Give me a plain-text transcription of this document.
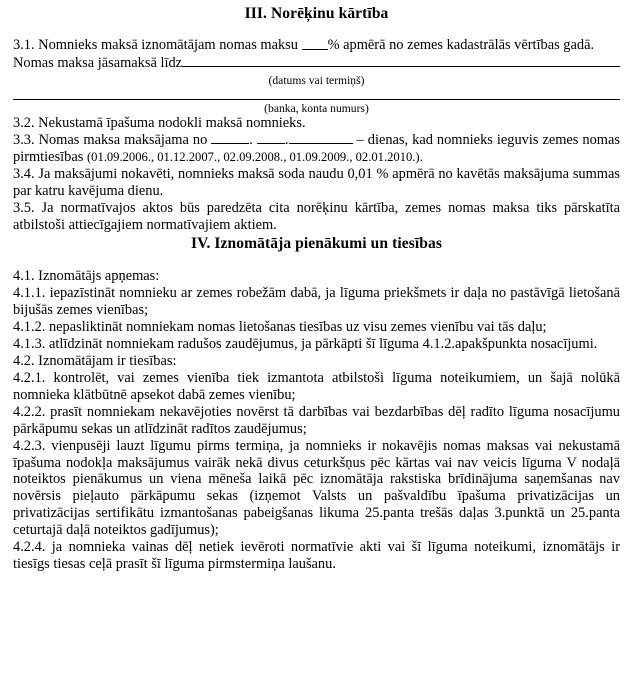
III. Norēķinu kārtība

3.1. Nomnieks maksā iznomātājam nomas maksu % apmērā no zemes kadastrālās vērtības gadā.

Nomas maksa jāsamaksā līdz

(datums vai termiņš)

(banka, konta numurs)

3.2. Nekustamā īpašuma nodokli maksā nomnieks.

3.3. Nomas maksa maksājama no	. .	– dienas, kad nomnieks ieguvis zemes nomas pirmtiesības (01.09.2006., 01.12.2007., 02.09.2008., 01.09.2009., 02.01.2010.).

3.4. Ja maksājumi nokavēti, nomnieks maksā soda naudu 0,01 % apmērā no kavētās maksājuma summas par katru kavējuma dienu.

3.5. Ja normatīvajos aktos būs paredzēta cita norēķinu kārtība, zemes nomas maksa tiks pārskatīta atbilstoši attiecīgajiem normatīvajiem aktiem.

IV. Iznomātāja pienākumi un tiesības

4.1. Iznomātājs apņemas:

4.1.1. iepazīstināt nomnieku ar zemes robežām dabā, ja līguma priekšmets ir daļa no pastāvīgā lietošanā bijušās zemes vienības;

4.1.2. nepasliktināt nomniekam nomas lietošanas tiesības uz visu zemes vienību vai tās daļu;

4.1.3. atlīdzināt nomniekam radušos zaudējumus, ja pārkāpti šī līguma 4.1.2.apakšpunkta nosacījumi.

4.2. Iznomātājam ir tiesības:

4.2.1. kontrolēt, vai zemes vienība tiek izmantota atbilstoši līguma noteikumiem, un šajā nolūkā nomnieka klātbūtnē apsekot dabā zemes vienību;

4.2.2. prasīt nomniekam nekavējoties novērst tā darbības vai bezdarbības dēļ radīto līguma nosacījumu pārkāpumu sekas un atlīdzināt radītos zaudējumus;

4.2.3. vienpusēji lauzt līgumu pirms termiņa, ja nomnieks ir nokavējis nomas maksas vai nekustamā īpašuma nodokļa maksājumus vairāk nekā divus ceturkšņus pēc kārtas vai nav veicis līguma V nodaļā noteiktos pienākumus un viena mēneša laikā pēc iznomātāja rakstiska brīdinājuma saņemšanas nav novērsis pieļauto pārkāpumu sekas (izņemot Valsts un pašvaldību īpašuma privatizācijas un privatizācijas sertifikātu izmantošanas pabeigšanas likuma 25.panta trešās daļas 3.punktā un 25.panta ceturtajā daļā noteiktos gadījumus);

4.2.4. ja nomnieka vainas dēļ netiek ievēroti normatīvie akti vai šī līguma noteikumi, iznomātājs ir tiesīgs tiesas ceļā prasīt šī līguma pirmstermiņa laušanu.
